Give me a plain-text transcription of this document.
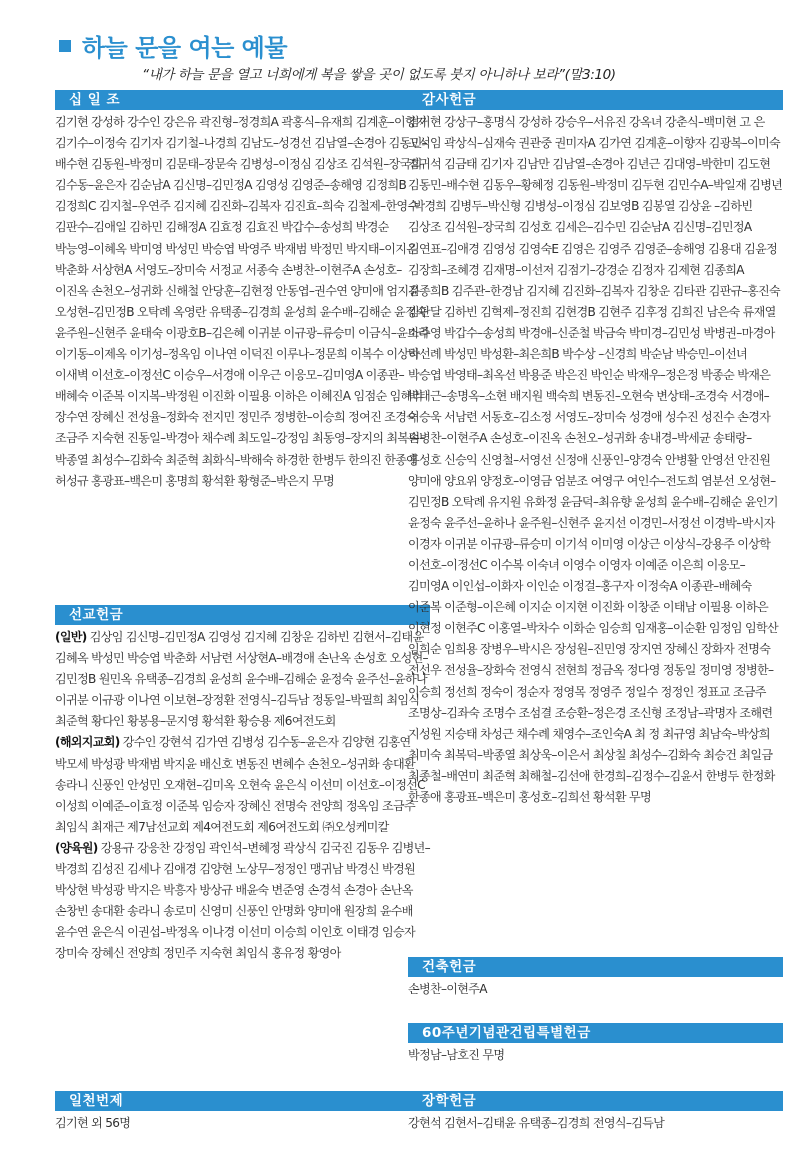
하늘 문을 여는 예물
“내가 하늘 문을 열고 너희에게 복을 쌓을 곳이 없도록 붓지 아니하나 보라”(말3:10)
십 일 조
김기현 강성하 강수인 강은유 곽진형–정경희A 곽홍식–유재희 김계훈–이향자 김기수–이정숙 김기자 김기철–나경희 김남도–성경선 김남열–손경아 김동민–배수현 김동원–박정미 김문태–장문숙 김병성–이정심 김상조 김석원–장국희 김수동–윤은자 김순남A 김신명–김민정A 김영성 김영준–송해영 김정희B 김정희C 김지철–우연주 김지혜 김진화–김복자 김진효–희숙 김철제–한영수 김판수–김애일 김하민 김해정A 김효정 김효진 박갑수–송성희 박경순 박능영–이혜옥 박미영 박성민 박승엽 박영주 박재범 박정민 박지태–이지은 박춘화 서상현A 서영도–장미숙 서정교 서종숙 손병찬–이현주A 손성호–이진옥 손천오–성귀화 신해철 안당훈–김현정 안동엽–권수연 양미애 엄지윤 오성현–김민정B 오탁례 옥영란 유택종–김경희 윤성희 윤수배–김해순 윤정숙 윤주원–신현주 윤태숙 이광호B–김은혜 이귀분 이규광–류승미 이금식–윤소라 이기동–이제옥 이기성–정옥임 이나연 이덕진 이루나–정문희 이복수 이상하 이새벽 이선호–이정선C 이승우–서경애 이우근 이응모–김미영A 이종관–배혜숙 이준복 이지복–박정원 이진화 이필용 이하은 이혜진A 임점순 임혜리 장수연 장혜신 전성율–정화숙 전지민 정민주 정병한–이승희 정여진 조경숙 조금주 지숙현 진동일–박경아 채수례 최도일–강정임 최동영–장지의 최복덕–박종열 최성수–김화숙 최준혁 최화식–박해숙 하경한 한병두 한의진 한종애 허성규 홍광표–백은미 홍명희 황석환 황형준–박은지 무명
선교헌금
(일반) 김상임 김신명–김민정A 김영성 김지혜 김창운 김하빈 김현서–김태윤 김혜옥 박성민 박승엽 박춘화 서남련 서상현A–배경애 손난옥 손성호 오성현–김민정B 원민옥 유택종–김경희 윤성희 윤수배–김해순 윤정숙 윤주선–윤하나 이귀분 이규광 이나연 이보현–장정환 전영식–김득남 정동일–박필희 최임식 최준혁 황다인 황봉용–문지영 황석환 황승용 제6여전도회
(해외지교회) 강수인 강현석 김가연 김병성 김수동–윤은자 김양현 김홍연 박모세 박성광 박재범 박지윤 배신호 변동진 변혜수 손천오–성귀화 송대환 송라니 신풍인 안성민 오재현–김미옥 오현숙 윤은식 이선미 이선호–이정선C 이성희 이예준–이효정 이준복 임승자 장혜신 전명숙 전양희 정옥임 조금주 최임식 최재근 제7남선교회 제4여전도회 제6여전도회 ㈜오성케미칼
(양육원) 강용규 강응찬 강정임 곽인석–변혜정 곽상식 김국진 김동우 김병년–박경희 김성진 김세나 김애경 김양현 노상무–정정인 맹귀남 박경신 박경원 박상현 박성광 박지은 박흥자 방상규 배윤숙 변준영 손경석 손경아 손난옥 손창빈 송대환 송라니 송로미 신영미 신풍인 안명화 양미애 원장희 윤수배 윤수연 윤은식 이권섭–박정옥 이나경 이선미 이승희 이인호 이태경 임승자 장미숙 장혜신 전양희 정민주 지숙현 최임식 홍유정 황영아
일천번제
김기현 외 56명
감사헌금
김기현 강상구–홍명식 강성하 강승우–서유진 강옥녀 강춘식–백미현 고 은 고석임 곽상식–심재숙 권관중 권미자A 김가연 김계훈–이향자 김광복–이미숙 김귀석 김금태 김기자 김남만 김남열–손경아 김년근 김대영–박한미 김도현 김동민–배수현 김동우–황혜정 김동원–박정미 김두현 김민수A–박일재 김병년 –박경희 김병두–박신형 김병성–이정심 김보영B 김봉열 김상윤 –김하빈 김상조 김석원–장국희 김성호 김세은–김수민 김순남A 김신명–김민정A 김연표–김애경 김영성 김영숙E 김영은 김영주 김영준–송해영 김용대 김윤정 김장희–조혜경 김재명–이선저 김점기–강경순 김정자 김제현 김종희A 김종희B 김주관–한경남 김지혜 김진화–김복자 김창운 김타관 김판규–홍진숙 김판달 김하빈 김혁제–정진희 김현경B 김현주 김후정 김희진 남은숙 류재열 마주영 박갑수–송성희 박경애–신준철 박금숙 박미경–김민성 박병권–마경아 박선례 박성민 박성환–최은희B 박수상 –신경희 박순남 박승민–이선녀 박승엽 박영태–최옥선 박용준 박은진 박인순 박재우–정은정 박종순 박재은 박태근–송명옥–소현 배지원 백숙희 변동진–오현숙 변상태–조경숙 서경애–이승욱 서남련 서동호–김소정 서영도–장미숙 성경애 성수진 성진수 손경자 손병찬–이현주A 손성호–이진옥 손천오–성귀화 송내경–박세균 송태랑–홍성호 신승익 신영철–서영선 신정애 신풍인–양경숙 안병활 안영선 안진원 양미애 양요위 양정호–이영금 엄분조 여영구 여인수–전도희 염분선 오성현–김민정B 오탁례 유지원 유화정 윤금덕–최유향 윤성희 윤수배–김해순 윤인기 윤정숙 윤주선–윤하나 윤주원–신현주 윤지선 이경민–서정선 이경박–박시자 이경자 이귀분 이규광–류승미 이기석 이미영 이상근 이상식–강용주 이상학 이선호–이정선C 이수복 이숙녀 이영수 이영자 이예준 이은희 이응모–김미영A 이인섭–이화자 이인순 이정걸–홍구자 이정숙A 이종관–배혜숙 이준복 이준형–이은혜 이지순 이지현 이진화 이창준 이태남 이필용 이하은 이현정 이현주C 이홍열–박차수 이화순 임승희 임재홍–이순환 임정임 임학산 임희순 임희용 장병우–박시은 장성원–진민영 장지연 장혜신 장화자 전명숙 전선우 전성율–장화숙 전영식 전현희 정금옥 정다영 정동일 정미영 정병한–이승희 정선희 정숙이 정순자 정영목 정영주 정일수 정정인 정표교 조금주 조명상–김좌숙 조명수 조섬결 조승환–정은경 조신형 조정남–곽명자 조해련 지성원 지승태 차성근 채수례 채영수–조인숙A 최 정 최규영 최남숙–박상희 최미숙 최복덕–박종열 최상욱–이은서 최상칠 최성수–김화숙 최승건 최일금 최종철–배연미 최준혁 최해철–김선애 한경희–김정수–김윤서 한병두 한정화 한종애 홍광표–백은미 홍성호–김희선 황석환 무명
건축헌금
손병찬–이현주A
60주년기념관건립특별헌금
박정남–남호진 무명
장학헌금
강현석 김현서–김태윤 유택종–김경희 전영식–김득남
